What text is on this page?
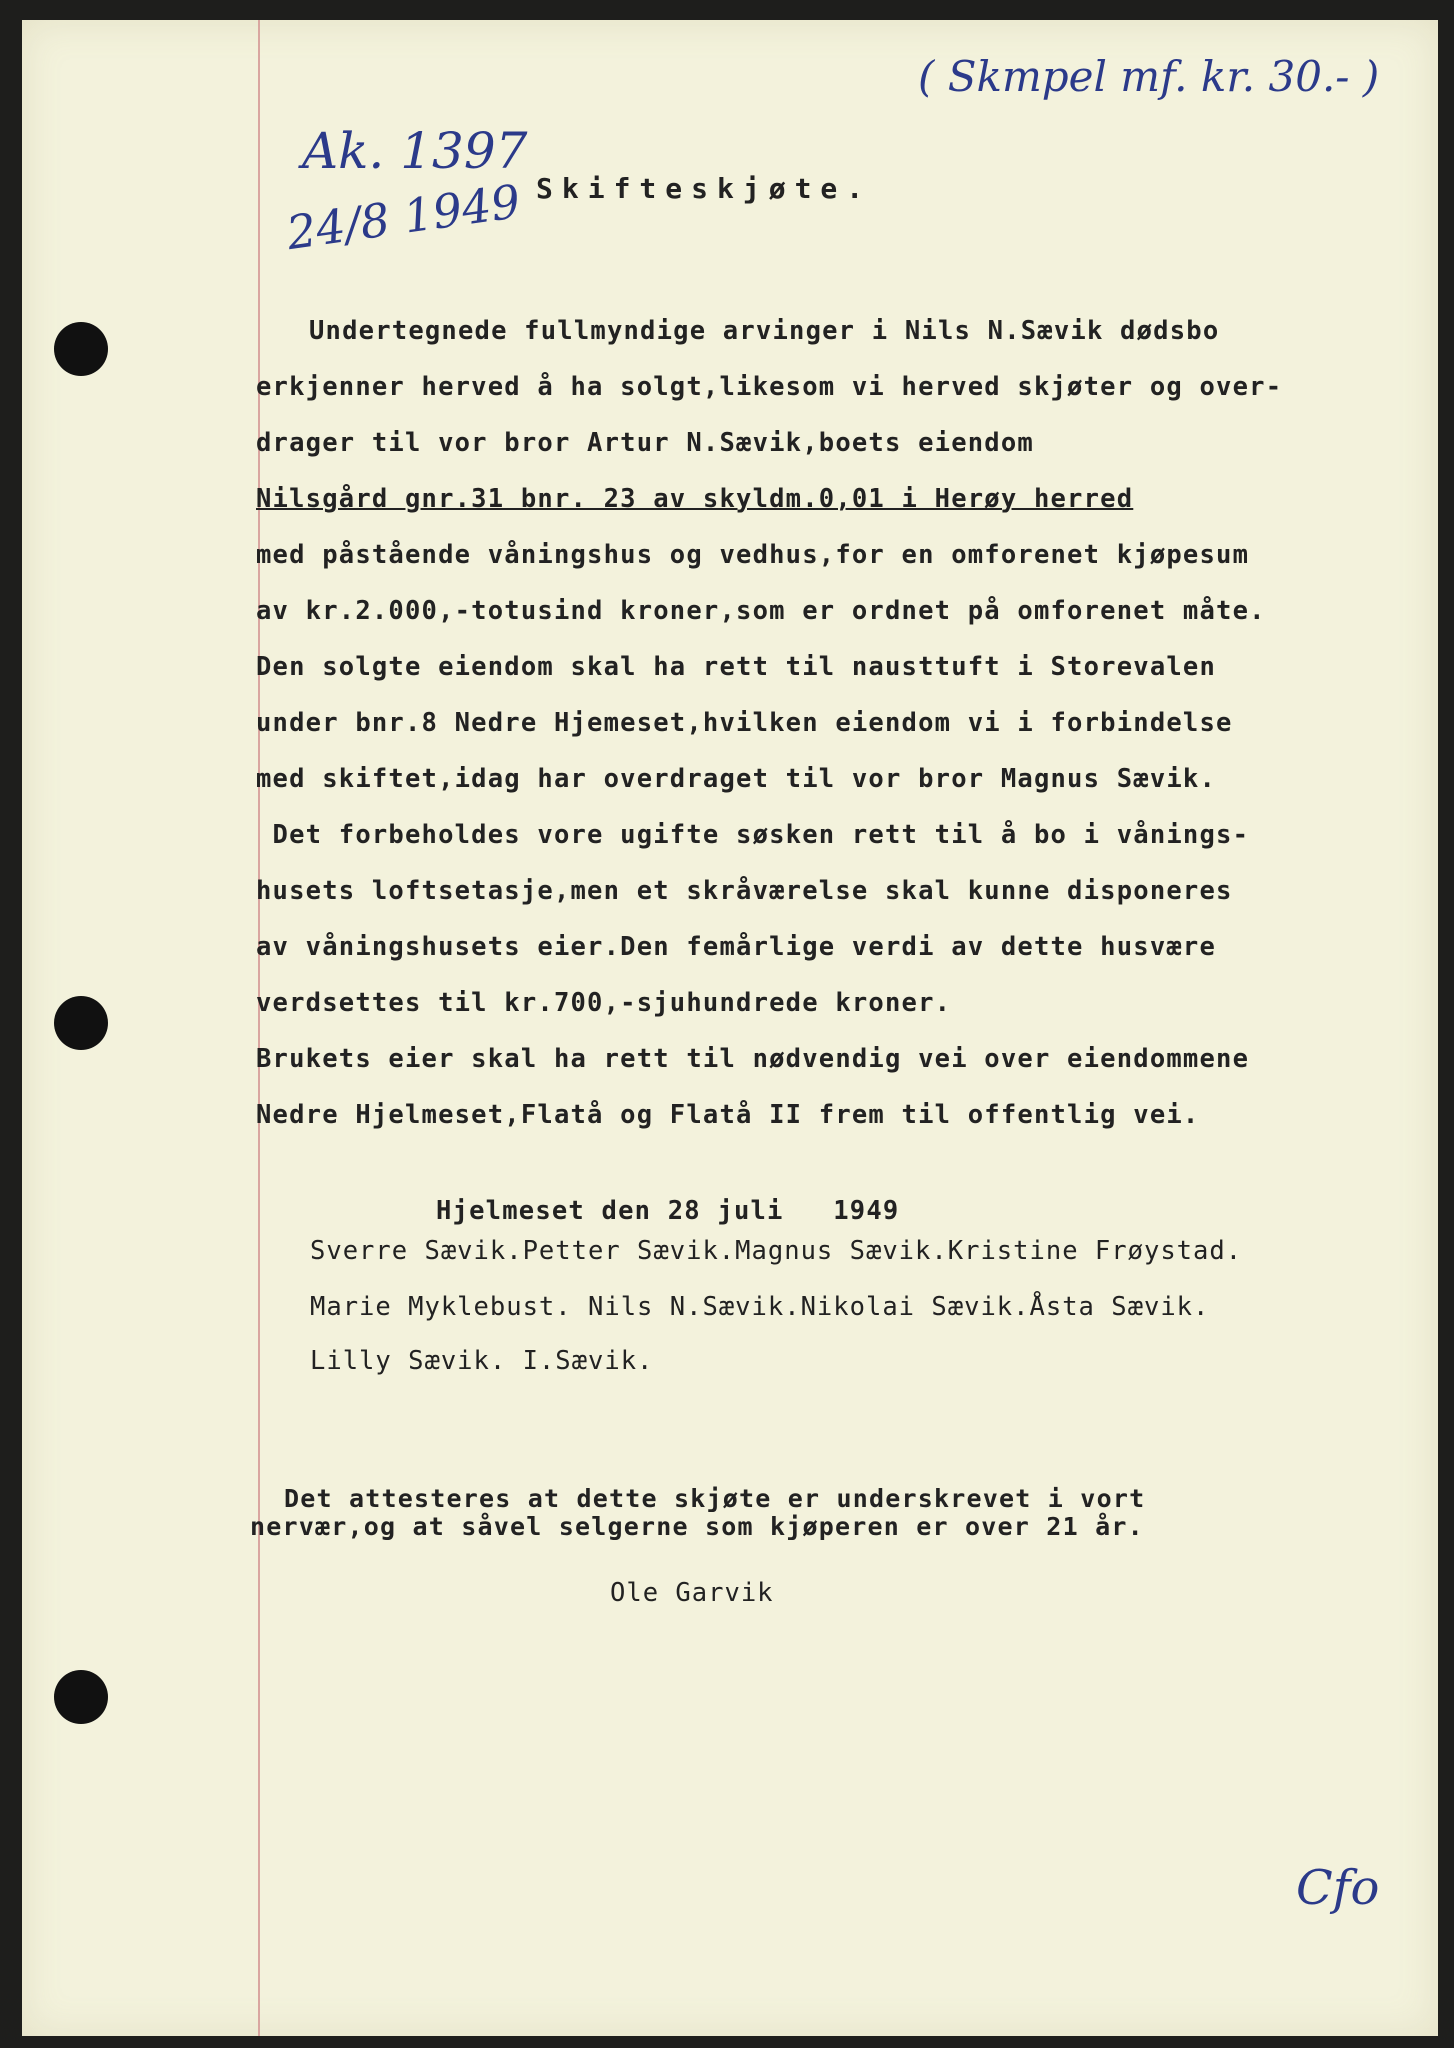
( Skmpel mf. kr. 30.- )
Ak. 1397
24/8 1949
Cfo
Skifteskjøte.

Undertegnede fullmyndige arvinger i Nils N.Sævik dødsbo

erkjenner herved å ha solgt,likesom vi herved skjøter og over-

drager til vor bror Artur N.Sævik,boets eiendom

Nilsgård gnr.31 bnr. 23 av skyldm.0,01 i Herøy herred

med påstående våningshus og vedhus,for en omforenet kjøpesum

av kr.2.000,-totusind kroner,som er ordnet på omforenet måte.

Den solgte eiendom skal ha rett til nausttuft i Storevalen

under bnr.8 Nedre Hjemeset,hvilken eiendom vi i forbindelse

med skiftet,idag har overdraget til vor bror Magnus Sævik.

Det forbeholdes vore ugifte søsken rett til å bo i vånings-

husets loftsetasje,men et skråværelse skal kunne disponeres

av våningshusets eier.Den femårlige verdi av dette husvære

verdsettes til kr.700,-sjuhundrede kroner.

Brukets eier skal ha rett til nødvendig vei over eiendommene

Nedre Hjelmeset,Flatå og Flatå II frem til offentlig vei.

Hjelmeset den 28 juli   1949
Sverre Sævik.Petter Sævik.Magnus Sævik.Kristine Frøystad.
Marie Myklebust. Nils N.Sævik.Nikolai Sævik.Åsta Sævik.
Lilly Sævik. I.Sævik.
Det attesteres at dette skjøte er underskrevet i vort
nervær,og at såvel selgerne som kjøperen er over 21 år.
Ole Garvik
